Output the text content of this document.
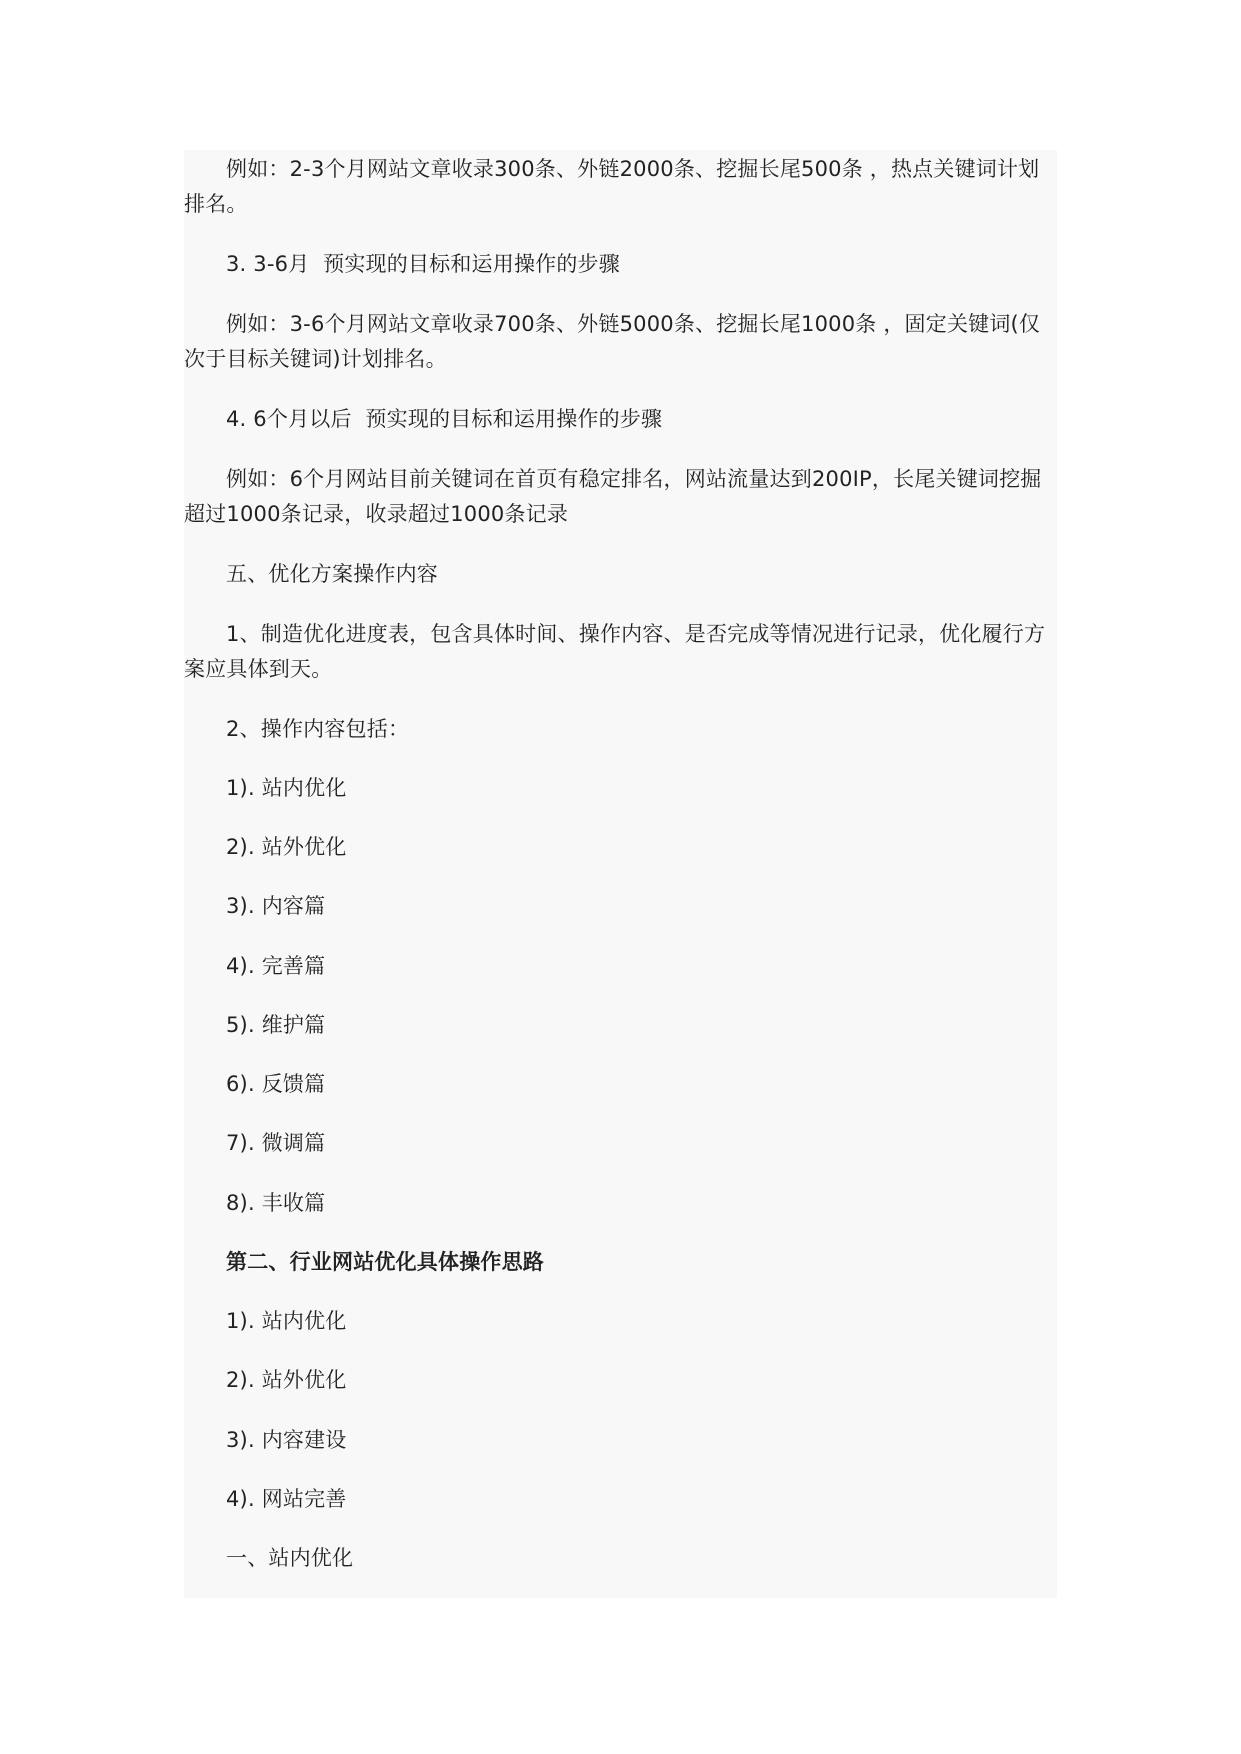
例如：2-3个月网站文章收录300条、外链2000条、挖掘长尾500条 ，热点关键词计划排名。

3. 3-6月  预实现的目标和运用操作的步骤

例如：3-6个月网站文章收录700条、外链5000条、挖掘长尾1000条 ，固定关键词(仅次于目标关键词)计划排名。

4. 6个月以后  预实现的目标和运用操作的步骤

例如：6个月网站目前关键词在首页有稳定排名，网站流量达到200IP，长尾关键词挖掘超过1000条记录，收录超过1000条记录

五、优化方案操作内容

1、制造优化进度表，包含具体时间、操作内容、是否完成等情况进行记录，优化履行方案应具体到天。

2、操作内容包括：

1). 站内优化

2). 站外优化

3). 内容篇

4). 完善篇

5). 维护篇

6). 反馈篇

7). 微调篇

8). 丰收篇

第二、行业网站优化具体操作思路

1). 站内优化

2). 站外优化

3). 内容建设

4). 网站完善

一、站内优化
